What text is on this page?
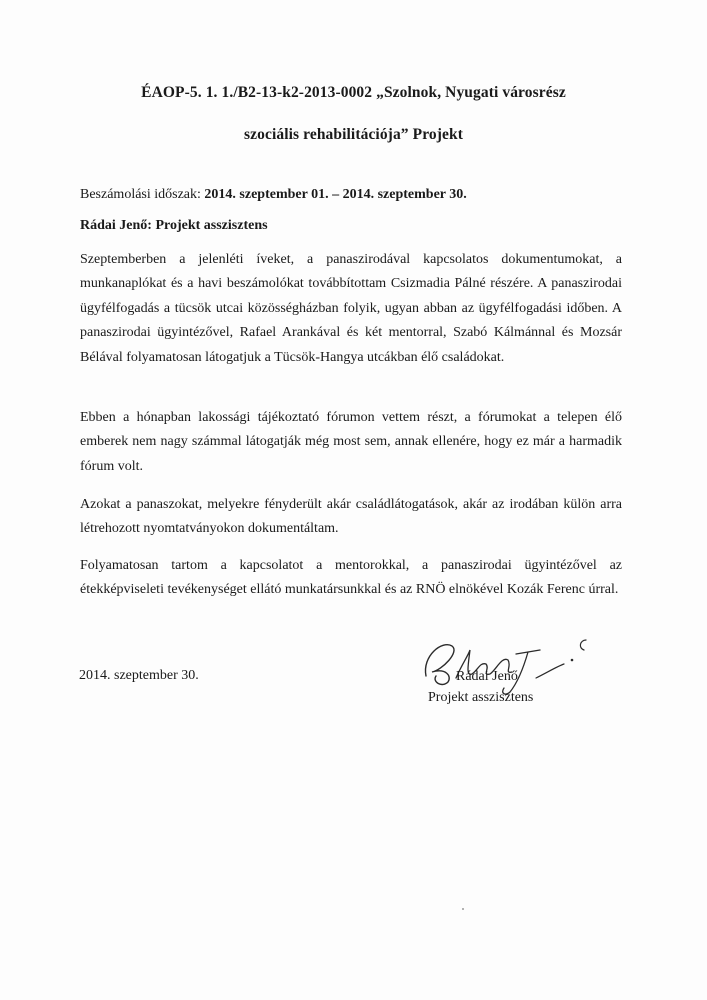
ÉAOP-5. 1. 1./B2-13-k2-2013-0002 „Szolnok, Nyugati városrész
szociális rehabilitációja” Projekt
Beszámolási időszak: 2014. szeptember 01. – 2014. szeptember 30.
Rádai Jenő: Projekt asszisztens
Szeptemberben a jelenléti íveket, a panaszirodával kapcsolatos dokumentumokat, a munkanaplókat és a havi beszámolókat továbbítottam Csizmadia Pálné részére. A panaszirodai ügyfélfogadás a tücsök utcai közösségházban folyik, ugyan abban az ügyfélfogadási időben. A panaszirodai ügyintézővel, Rafael Arankával és két mentorral, Szabó Kálmánnal és Mozsár Bélával folyamatosan látogatjuk a Tücsök-Hangya utcákban élő családokat.
Ebben a hónapban lakossági tájékoztató fórumon vettem részt, a fórumokat a telepen élő emberek nem nagy számmal látogatják még most sem, annak ellenére, hogy ez már a harmadik fórum volt.
Azokat a panaszokat, melyekre fényderült akár családlátogatások, akár az irodában külön arra létrehozott nyomtatványokon dokumentáltam.
Folyamatosan tartom a kapcsolatot a mentorokkal, a panaszirodai ügyintézővel az étekképviseleti tevékenységet ellátó munkatársunkkal és az RNÖ elnökével Kozák Ferenc úrral.
2014. szeptember 30.	Rádai Jenő
Projekt asszisztens
